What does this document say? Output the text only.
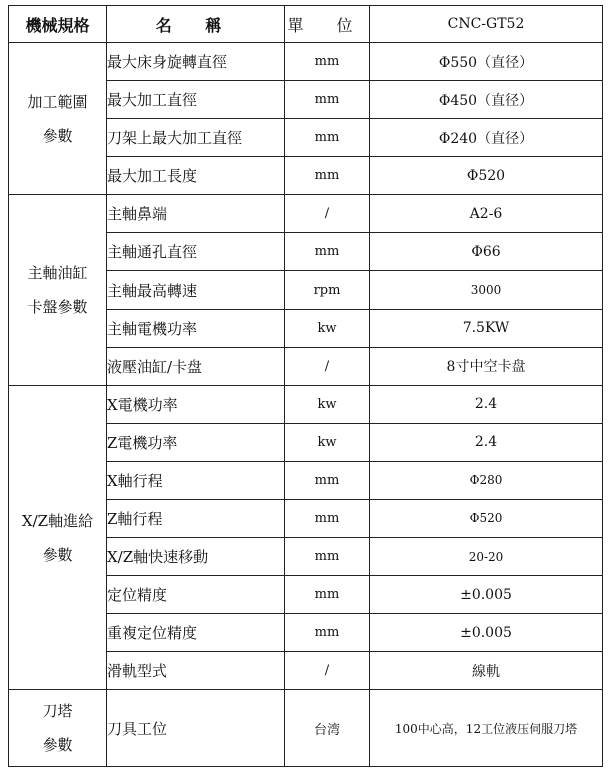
機械規格	名 稱	單 位	CNC-GT52

加工範圍
參數	最大床身旋轉直徑	mm	Φ550（直径）
	最大加工直徑	mm	Φ450（直径）
	刀架上最大加工直徑	mm	Φ240（直径）
	最大加工長度	mm	Φ520

主軸油缸
卡盤參數	主軸鼻端	/	A2-6
	主軸通孔直徑	mm	Φ66
	主軸最高轉速	rpm	3000
	主軸電機功率	kw	7.5KW
	液壓油缸/卡盘	/	8寸中空卡盘

X/Z軸進給
參數	X電機功率	kw	2.4
	Z電機功率	kw	2.4
	X軸行程	mm	Φ280
	Z軸行程	mm	Φ520
	X/Z軸快速移動	mm	20-20
	定位精度	mm	±0.005
	重複定位精度	mm	±0.005
	滑軌型式	/	線軌

刀塔
參數	刀具工位	台湾	100中心高，12工位液压伺服刀塔
